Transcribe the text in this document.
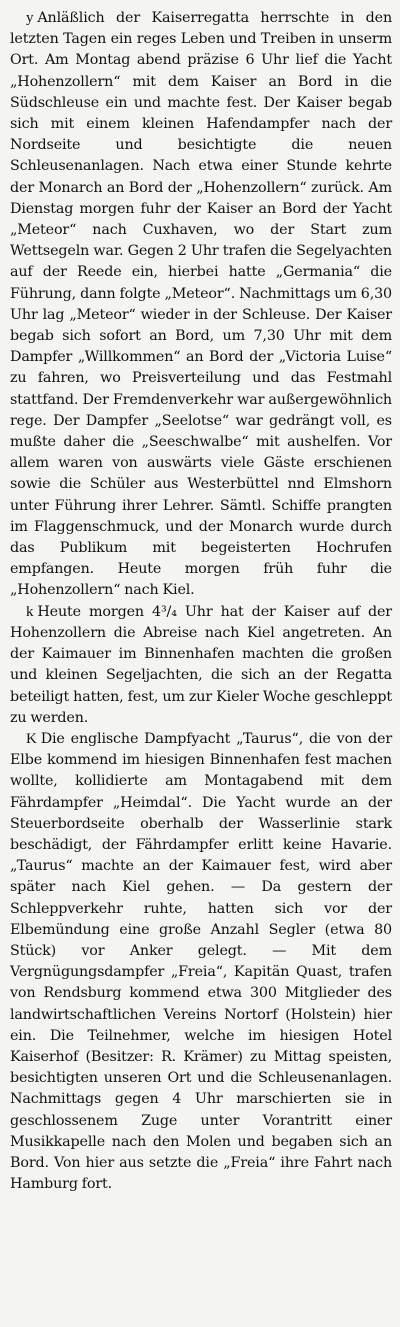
y Anläßlich der Kaiserregatta herrschte in den letzten Tagen ein reges Leben und Treiben in unserm Ort. Am Montag abend präzise 6 Uhr lief die Yacht „Hohenzollern“ mit dem Kaiser an Bord in die Südschleuse ein und machte fest. Der Kaiser begab sich mit einem kleinen Hafendampfer nach der Nordseite und besichtigte die neuen Schleusenanlagen. Nach etwa einer Stunde kehrte der Monarch an Bord der „Hohenzollern“ zurück. Am Dienstag morgen fuhr der Kaiser an Bord der Yacht „Meteor“ nach Cuxhaven, wo der Start zum Wettsegeln war. Gegen 2 Uhr trafen die Segelyachten auf der Reede ein, hierbei hatte „Germania“ die Führung, dann folgte „Meteor“. Nachmittags um 6,30 Uhr lag „Meteor“ wieder in der Schleuse. Der Kaiser begab sich sofort an Bord, um 7,30 Uhr mit dem Dampfer „Willkommen“ an Bord der „Victoria Luise“ zu fahren, wo Preisverteilung und das Festmahl stattfand. Der Fremdenverkehr war außergewöhnlich rege. Der Dampfer „Seelotse“ war gedrängt voll, es mußte daher die „Seeschwalbe“ mit aushelfen. Vor allem waren von auswärts viele Gäste erschienen sowie die Schüler aus Westerbüttel nnd Elmshorn unter Führung ihrer Lehrer. Sämtl. Schiffe prangten im Flaggenschmuck, und der Monarch wurde durch das Publikum mit begeisterten Hochrufen empfangen. Heute morgen früh fuhr die „Hohenzollern“ nach Kiel.

k Heute morgen 4³/₄ Uhr hat der Kaiser auf der Hohenzollern die Abreise nach Kiel angetreten. An der Kaimauer im Binnenhafen machten die großen und kleinen Segeljachten, die sich an der Regatta beteiligt hatten, fest, um zur Kieler Woche geschleppt zu werden.

K Die englische Dampfyacht „Taurus“, die von der Elbe kommend im hiesigen Binnenhafen fest machen wollte, kollidierte am Montagabend mit dem Fährdampfer „Heimdal“. Die Yacht wurde an der Steuerbordseite oberhalb der Wasserlinie stark beschädigt, der Fährdampfer erlitt keine Havarie. „Taurus“ machte an der Kaimauer fest, wird aber später nach Kiel gehen. — Da gestern der Schleppverkehr ruhte, hatten sich vor der Elbemündung eine große Anzahl Segler (etwa 80 Stück) vor Anker gelegt. — Mit dem Vergnügungsdampfer „Freia“, Kapitän Quast, trafen von Rendsburg kommend etwa 300 Mitglieder des landwirtschaftlichen Vereins Nortorf (Holstein) hier ein. Die Teilnehmer, welche im hiesigen Hotel Kaiserhof (Besitzer: R. Krämer) zu Mittag speisten, besichtigten unseren Ort und die Schleusenanlagen. Nachmittags gegen 4 Uhr marschierten sie in geschlossenem Zuge unter Vorantritt einer Musikkapelle nach den Molen und begaben sich an Bord. Von hier aus setzte die „Freia“ ihre Fahrt nach Hamburg fort.
